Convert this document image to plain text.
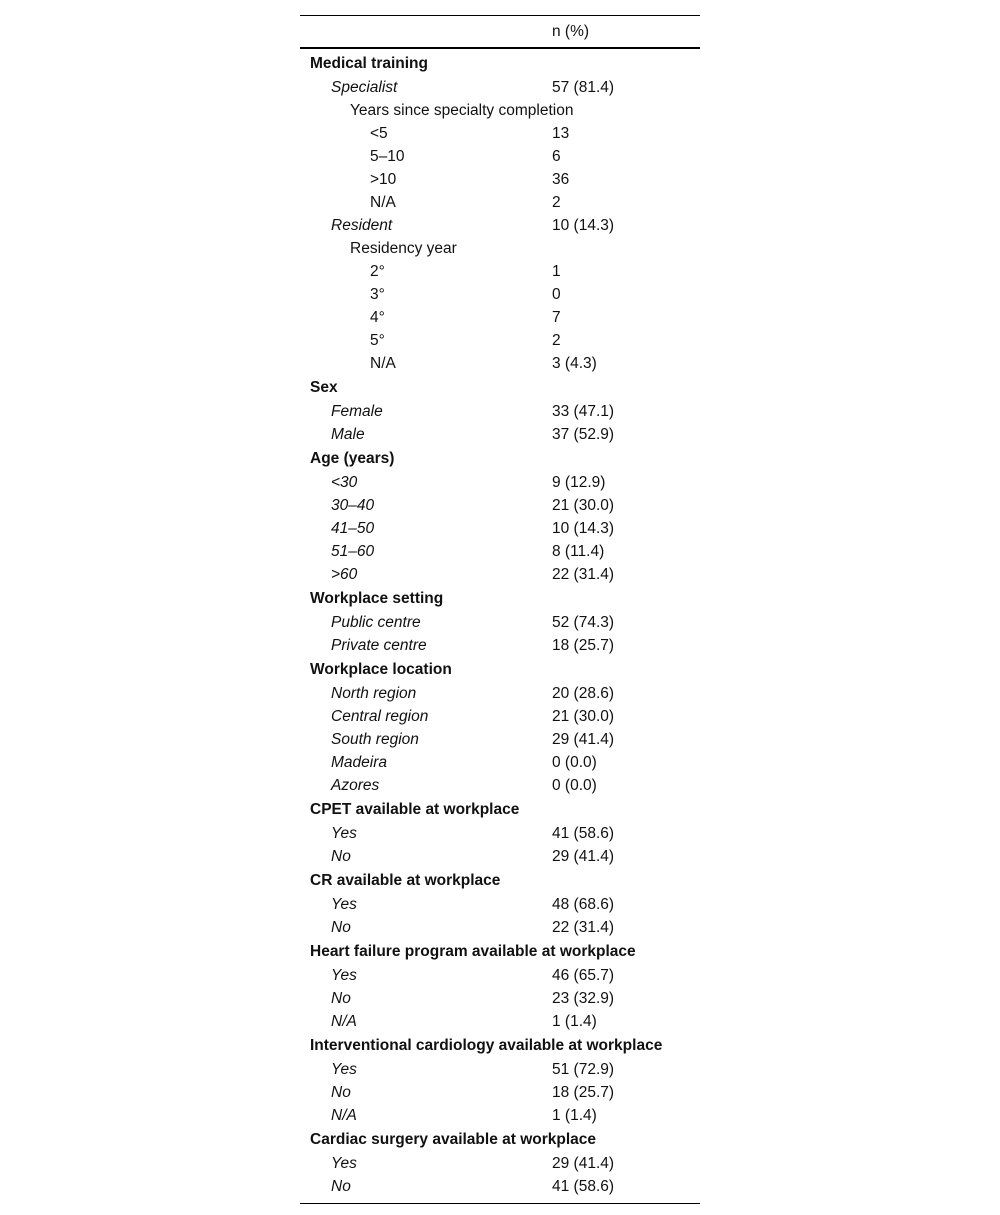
n (%)
Medical training
Specialist	57 (81.4)
Years since specialty completion
<5	13
5–10	6
>10	36
N/A	2
Resident	10 (14.3)
Residency year
2°	1
3°	0
4°	7
5°	2
N/A	3 (4.3)
Sex
Female	33 (47.1)
Male	37 (52.9)
Age (years)
<30	9 (12.9)
30–40	21 (30.0)
41–50	10 (14.3)
51–60	8 (11.4)
>60	22 (31.4)
Workplace setting
Public centre	52 (74.3)
Private centre	18 (25.7)
Workplace location
North region	20 (28.6)
Central region	21 (30.0)
South region	29 (41.4)
Madeira	0 (0.0)
Azores	0 (0.0)
CPET available at workplace
Yes	41 (58.6)
No	29 (41.4)
CR available at workplace
Yes	48 (68.6)
No	22 (31.4)
Heart failure program available at workplace
Yes	46 (65.7)
No	23 (32.9)
N/A	1 (1.4)
Interventional cardiology available at workplace
Yes	51 (72.9)
No	18 (25.7)
N/A	1 (1.4)
Cardiac surgery available at workplace
Yes	29 (41.4)
No	41 (58.6)
